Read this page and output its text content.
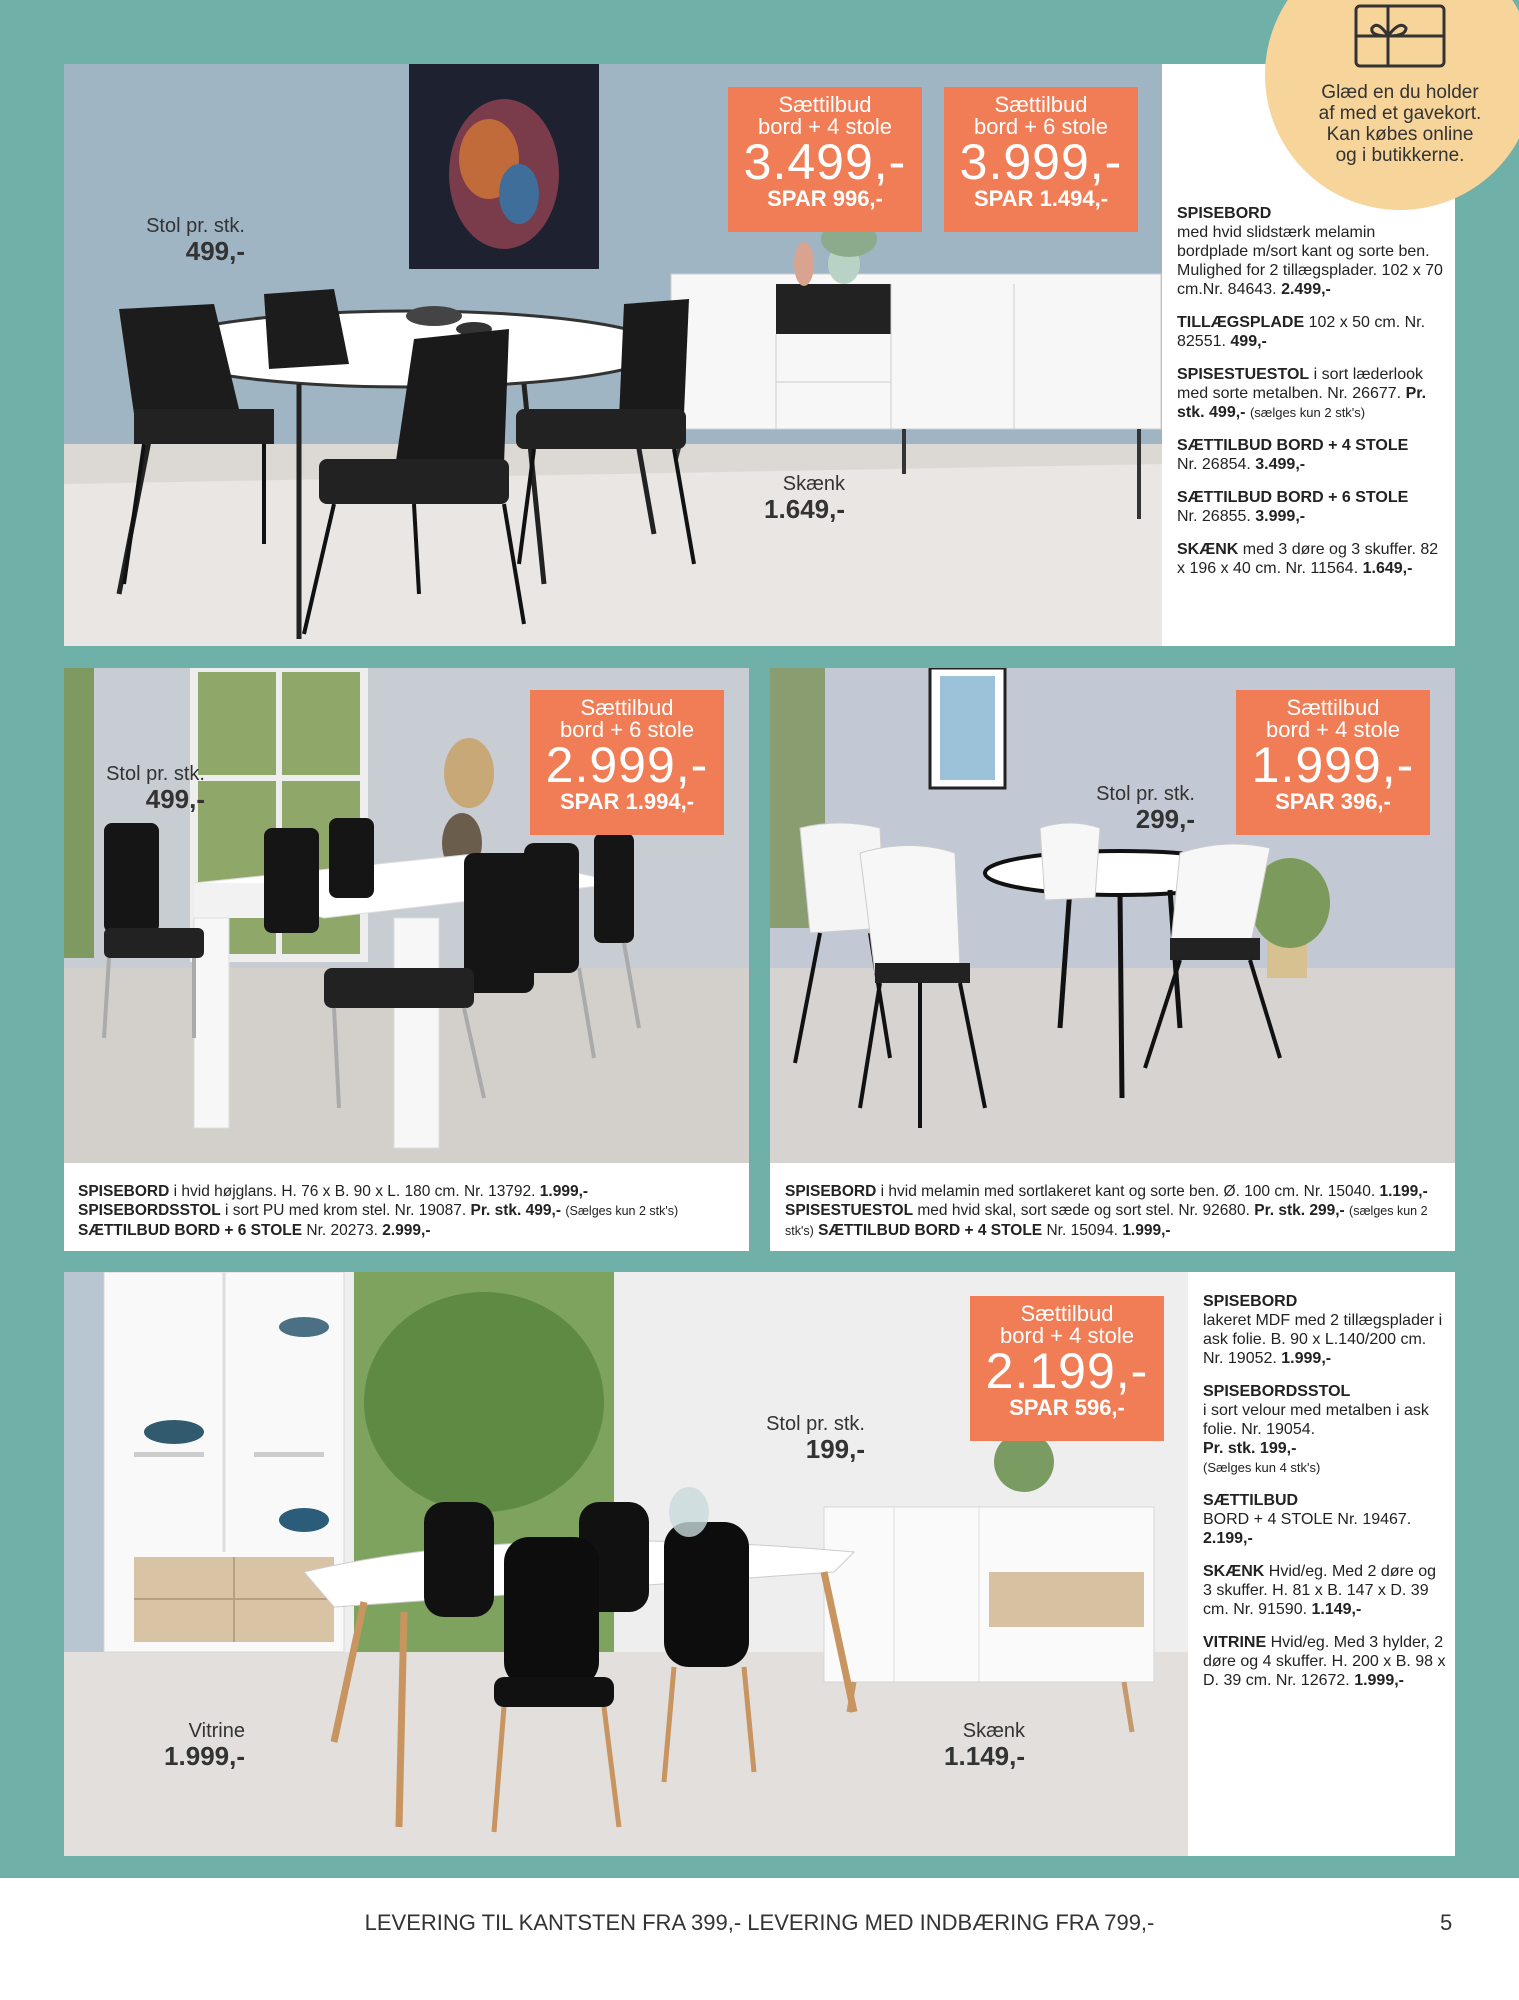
Sættilbud
bord + 4 stole
3.499,-
SPAR 996,-
Sættilbud
bord + 6 stole
3.999,-
SPAR 1.494,-
Stol pr. stk.
499,-
Skænk
1.649,-
SPISEBORD
med hvid slidstærk melamin bordplade m/sort kant og sorte ben. Mulighed for 2 tillægsplader. 102 x 70 cm.Nr. 84643. 2.499,-
TILLÆGSPLADE 102 x 50 cm. Nr. 82551. 499,-
SPISESTUESTOL i sort læderlook med sorte metalben. Nr. 26677. Pr. stk. 499,- (sælges kun 2 stk's)
SÆTTILBUD BORD + 4 STOLE
Nr. 26854. 3.499,-
SÆTTILBUD BORD + 6 STOLE
Nr. 26855. 3.999,-
SKÆNK med 3 døre og 3 skuffer. 82 x 196 x 40 cm. Nr. 11564. 1.649,-
Sættilbud
bord + 6 stole
2.999,-
SPAR 1.994,-
Stol pr. stk.
499,-
SPISEBORD i hvid højglans. H. 76 x B. 90 x L. 180 cm. Nr. 13792. 1.999,-
SPISEBORDSSTOL i sort PU med krom stel. Nr. 19087. Pr. stk. 499,- (Sælges kun 2 stk's) SÆTTILBUD BORD + 6 STOLE Nr. 20273. 2.999,-
Sættilbud
bord + 4 stole
1.999,-
SPAR 396,-
Stol pr. stk.
299,-
SPISEBORD i hvid melamin med sortlakeret kant og sorte ben. Ø. 100 cm. Nr. 15040. 1.199,- SPISESTUESTOL med hvid skal, sort sæde og sort stel. Nr. 92680. Pr. stk. 299,- (sælges kun 2 stk's) SÆTTILBUD BORD + 4 STOLE Nr. 15094. 1.999,-
Sættilbud
bord + 4 stole
2.199,-
SPAR 596,-
Stol pr. stk.
199,-
Vitrine
1.999,-
Skænk
1.149,-
SPISEBORD
lakeret MDF med 2 tillægsplader i ask folie. B. 90 x L.140/200 cm. Nr. 19052. 1.999,-
SPISEBORDSSTOL
i sort velour med metalben i ask folie. Nr. 19054.
Pr. stk. 199,-
(Sælges kun 4 stk's)
SÆTTILBUD
BORD + 4 STOLE Nr. 19467. 2.199,-
SKÆNK Hvid/eg. Med 2 døre og 3 skuffer. H. 81 x B. 147 x D. 39 cm. Nr. 91590. 1.149,-
VITRINE Hvid/eg. Med 3 hylder, 2 døre og 4 skuffer. H. 200 x B. 98 x D. 39 cm. Nr. 12672. 1.999,-
Glæd en du holder
af med et gavekort.
Kan købes online
og i butikkerne.
LEVERING TIL KANTSTEN FRA 399,- LEVERING MED INDBÆRING FRA 799,-	5
